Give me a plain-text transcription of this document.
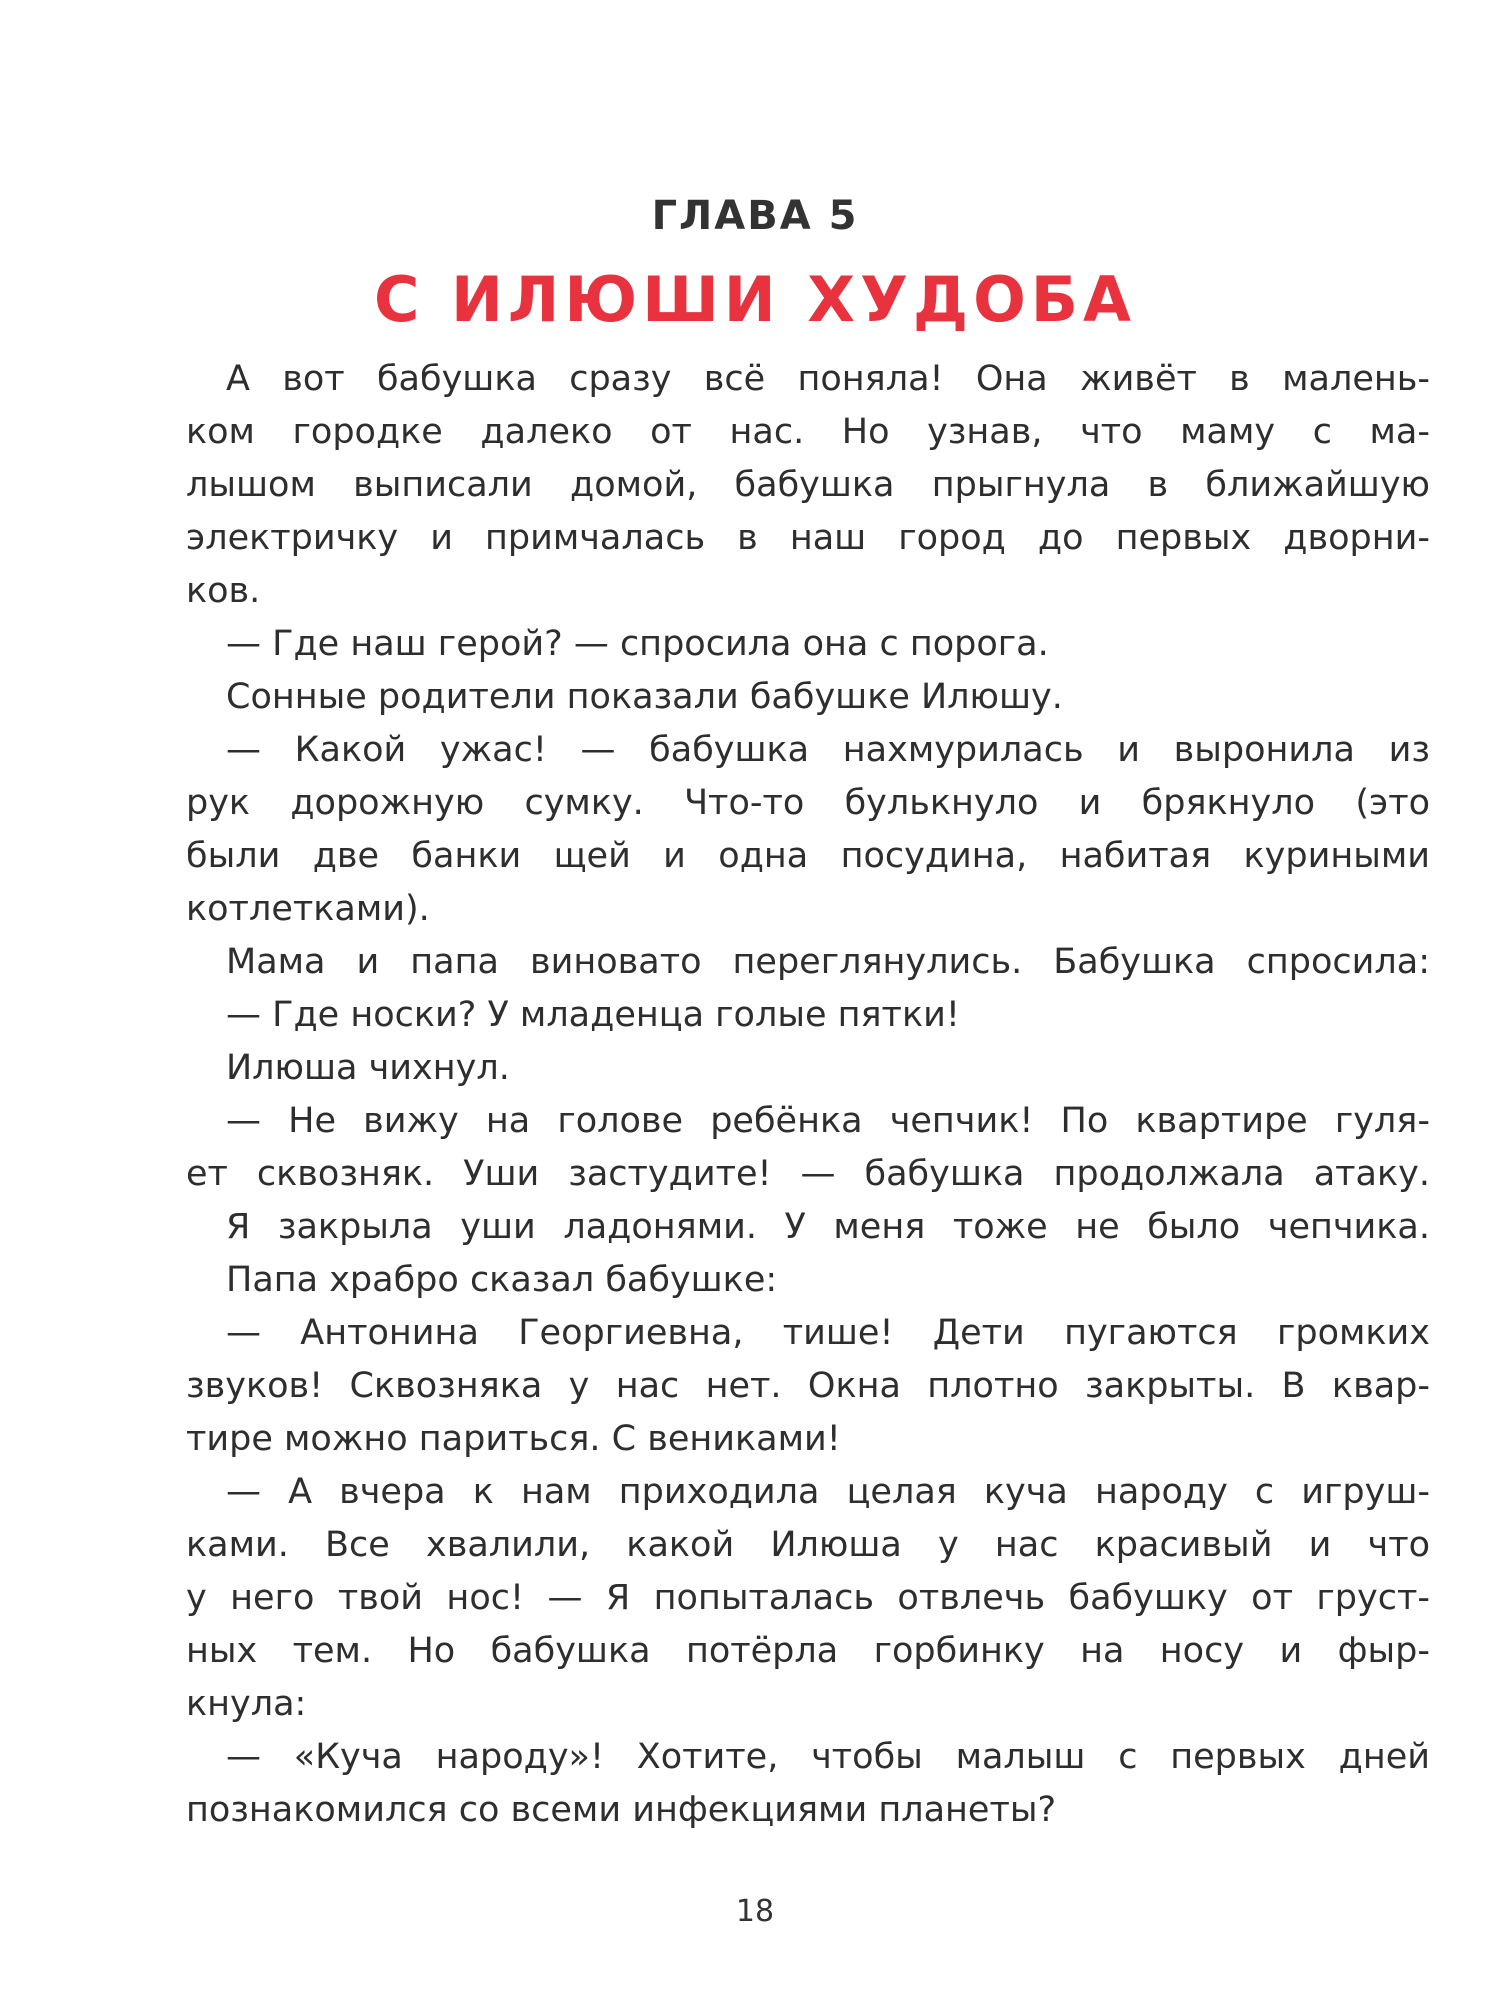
ГЛАВА 5
С ИЛЮШИ ХУДОБА
А вот бабушка сразу всё поняла! Она живёт в малень-
ком городке далеко от нас. Но узнав, что маму с ма-
лышом выписали домой, бабушка прыгнула в ближайшую
электричку и примчалась в наш город до первых дворни-
ков.
— Где наш герой? — спросила она с порога.
Сонные родители показали бабушке Илюшу.
— Какой ужас! — бабушка нахмурилась и выронила из
рук дорожную сумку. Что-то булькнуло и брякнуло (это
были две банки щей и одна посудина, набитая куриными
котлетками).
Мама и папа виновато переглянулись. Бабушка спросила:
— Где носки? У младенца голые пятки!
Илюша чихнул.
— Не вижу на голове ребёнка чепчик! По квартире гуля-
ет сквозняк. Уши застудите! — бабушка продолжала атаку.
Я закрыла уши ладонями. У меня тоже не было чепчика.
Папа храбро сказал бабушке:
— Антонина Георгиевна, тише! Дети пугаются громких
звуков! Сквозняка у нас нет. Окна плотно закрыты. В квар-
тире можно париться. С вениками!
— А вчера к нам приходила целая куча народу с игруш-
ками. Все хвалили, какой Илюша у нас красивый и что
у него твой нос! — Я попыталась отвлечь бабушку от груст-
ных тем. Но бабушка потёрла горбинку на носу и фыр-
кнула:
— «Куча народу»! Хотите, чтобы малыш с первых дней
познакомился со всеми инфекциями планеты?
18
